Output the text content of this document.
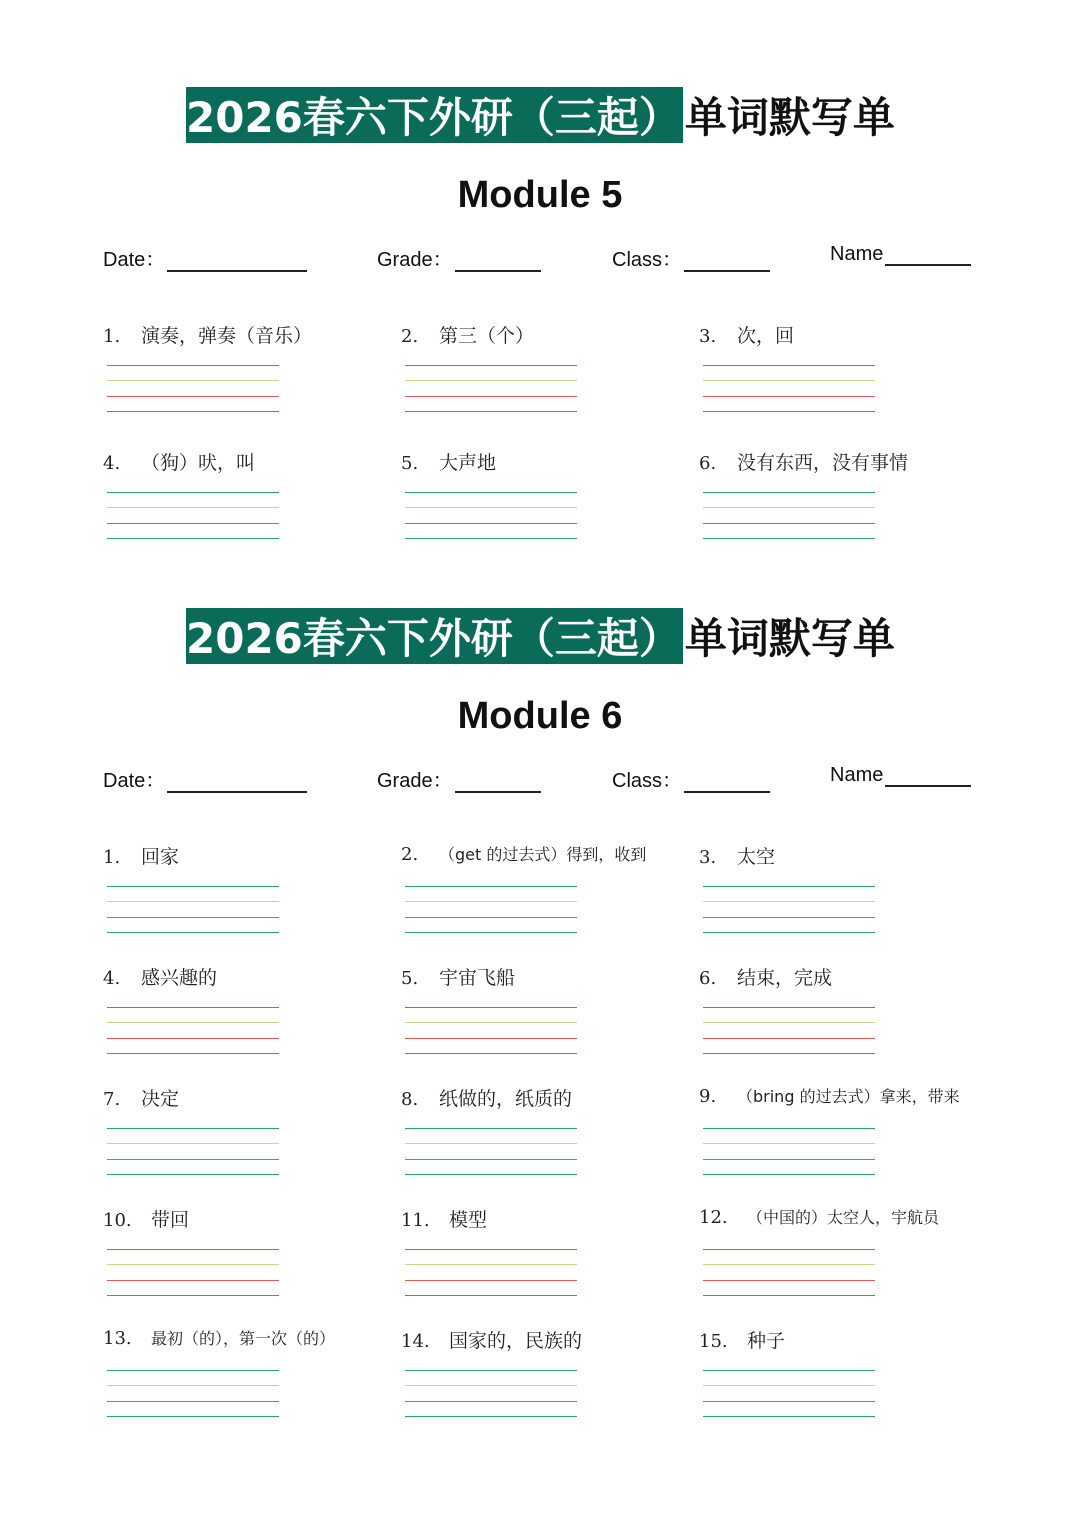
2026春六下外研（三起） 单词默写单
Module 5
Date：	Grade：	Class：	Name
1.	演奏，弹奏（音乐）	2.	第三（个）	3.	次，回
4.	（狗）吠，叫	5.	大声地	6.	没有东西，没有事情
2026春六下外研（三起） 单词默写单
Module 6
Date：	Grade：	Class：	Name
1.	回家	2.	（get 的过去式）得到，收到	3.	太空
4.	感兴趣的	5.	宇宙飞船	6.	结束，完成
7.	决定	8.	纸做的，纸质的	9.	（bring 的过去式）拿来，带来
10.	带回	11.	模型	12.	（中国的）太空人，宇航员
13.	最初（的），第一次（的）	14.	国家的，民族的	15.	种子
